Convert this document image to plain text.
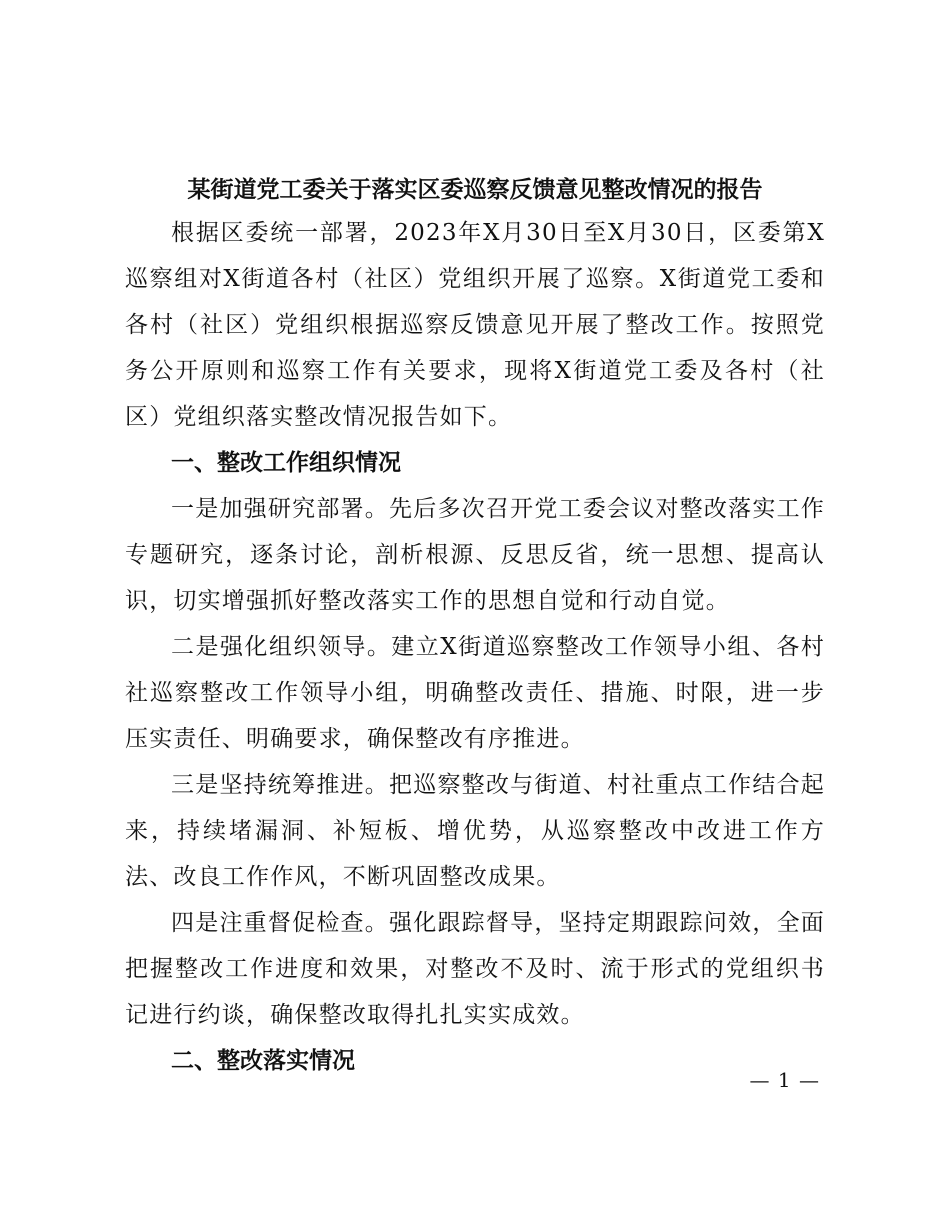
某街道党工委关于落实区委巡察反馈意见整改情况的报告

根据区委统一部署，2023年X月30日至X月30日，区委第X巡察组对X街道各村（社区）党组织开展了巡察。X街道党工委和各村（社区）党组织根据巡察反馈意见开展了整改工作。按照党务公开原则和巡察工作有关要求，现将X街道党工委及各村（社区）党组织落实整改情况报告如下。

一、整改工作组织情况

一是加强研究部署。先后多次召开党工委会议对整改落实工作专题研究，逐条讨论，剖析根源、反思反省，统一思想、提高认识，切实增强抓好整改落实工作的思想自觉和行动自觉。

二是强化组织领导。建立X街道巡察整改工作领导小组、各村社巡察整改工作领导小组，明确整改责任、措施、时限，进一步压实责任、明确要求，确保整改有序推进。

三是坚持统筹推进。把巡察整改与街道、村社重点工作结合起来，持续堵漏洞、补短板、增优势，从巡察整改中改进工作方法、改良工作作风，不断巩固整改成果。

四是注重督促检查。强化跟踪督导，坚持定期跟踪问效，全面把握整改工作进度和效果，对整改不及时、流于形式的党组织书记进行约谈，确保整改取得扎扎实实成效。

二、整改落实情况

— 1 —
